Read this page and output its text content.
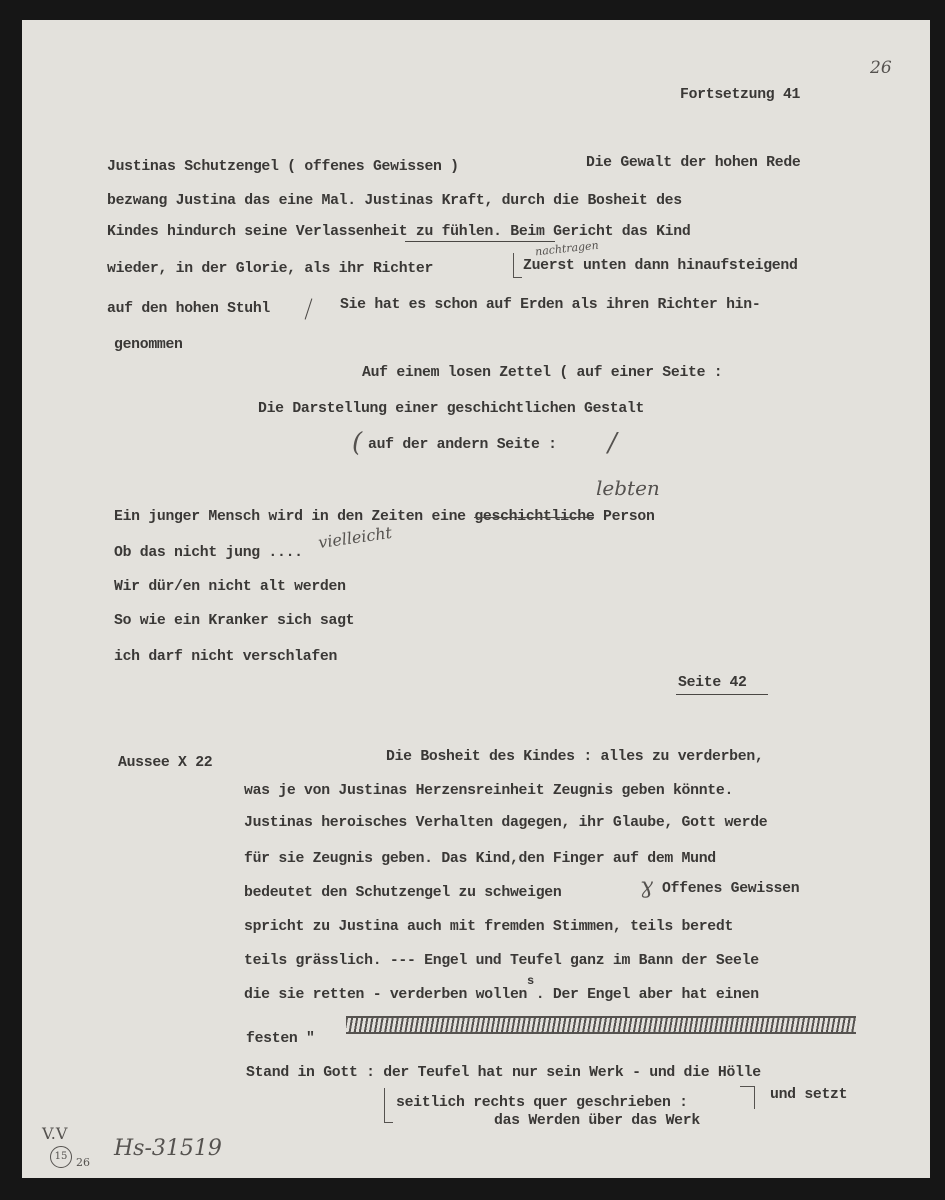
26
Fortsetzung 41
Justinas Schutzengel ( offenes Gewissen )	Die Gewalt der hohen Rede
bezwang Justina das eine Mal. Justinas Kraft, durch die Bosheit des
Kindes hindurch seine Verlassenheit zu fühlen. Beim Gericht das Kind
wieder, in der Glorie, als ihr Richter	Zuerst unten dann hinaufsteigend
nachtragen
auf den hohen Stuhl	Sie hat es schon auf Erden als ihren Richter hin-
genommen
Auf einem losen Zettel ( auf einer Seite :
Die Darstellung einer geschichtlichen Gestalt
( auf der andern Seite : /
lebten
Ein junger Mensch wird in den Zeiten eine geschichtliche Person
Ob das nicht jung ....
vielleicht
Wir dür/en nicht alt werden
So wie ein Kranker sich sagt
ich darf nicht verschlafen
Seite 42
Aussee X 22	Die Bosheit des Kindes : alles zu verderben,
was je von Justinas Herzensreinheit Zeugnis geben könnte.
Justinas heroisches Verhalten dagegen, ihr Glaube, Gott werde
für sie Zeugnis geben. Das Kind,den Finger auf dem Mund
bedeutet den Schutzengel zu schweigen	ɣ Offenes Gewissen
spricht zu Justina auch mit fremden Stimmen, teils beredt
teils grässlich. --- Engel und Teufel ganz im Bann der Seele
s
die sie retten - verderben wollen . Der Engel aber hat einen
festen "
Stand in Gott : der Teufel hat nur sein Werk - und die Hölle
seitlich rechts quer geschrieben :	und setzt
das Werden über das Werk
V.V
15 26
Hs-31519
